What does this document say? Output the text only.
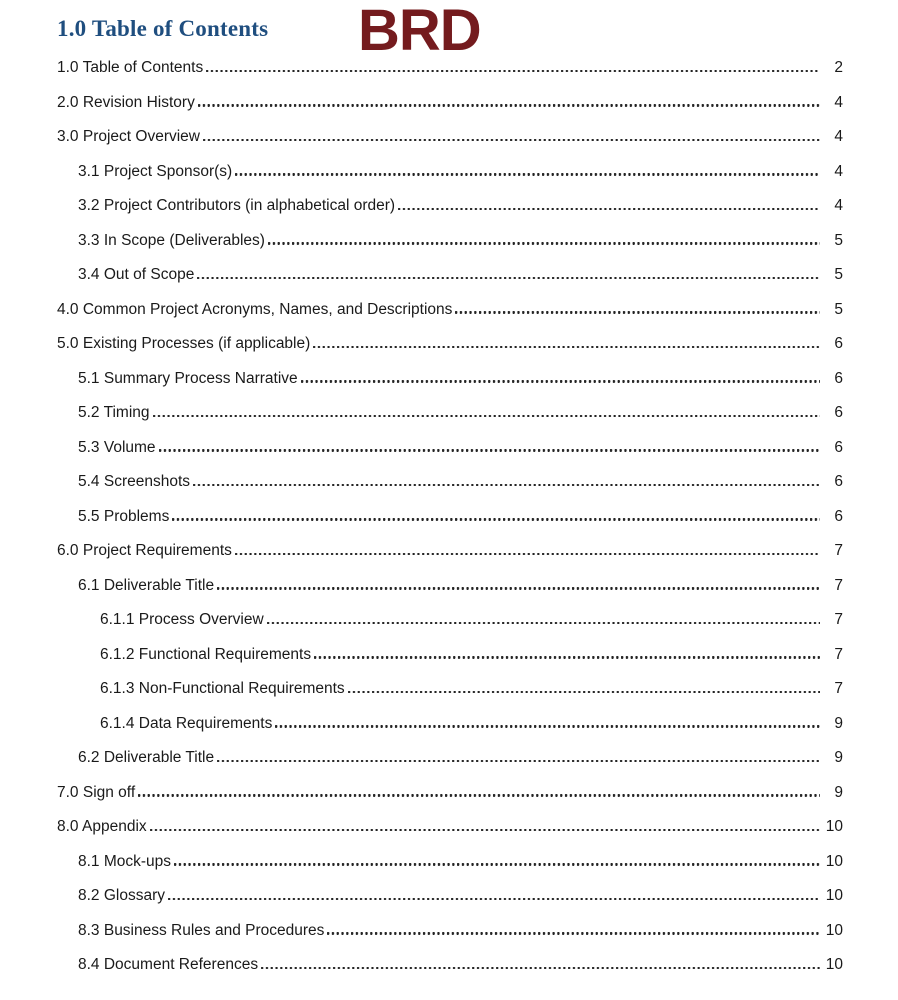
1.0 Table of Contents	BRD
1.0 Table of Contents	2
2.0 Revision History	4
3.0 Project Overview	4
3.1 Project Sponsor(s)	4
3.2 Project Contributors (in alphabetical order)	4
3.3 In Scope (Deliverables)	5
3.4 Out of Scope	5
4.0 Common Project Acronyms, Names, and Descriptions	5
5.0 Existing Processes (if applicable)	6
5.1 Summary Process Narrative	6
5.2 Timing	6
5.3 Volume	6
5.4 Screenshots	6
5.5 Problems	6
6.0 Project Requirements	7
6.1 Deliverable Title	7
6.1.1 Process Overview	7
6.1.2 Functional Requirements	7
6.1.3 Non-Functional Requirements	7
6.1.4 Data Requirements	9
6.2 Deliverable Title	9
7.0 Sign off	9
8.0 Appendix	10
8.1 Mock-ups	10
8.2 Glossary	10
8.3 Business Rules and Procedures	10
8.4 Document References	10
